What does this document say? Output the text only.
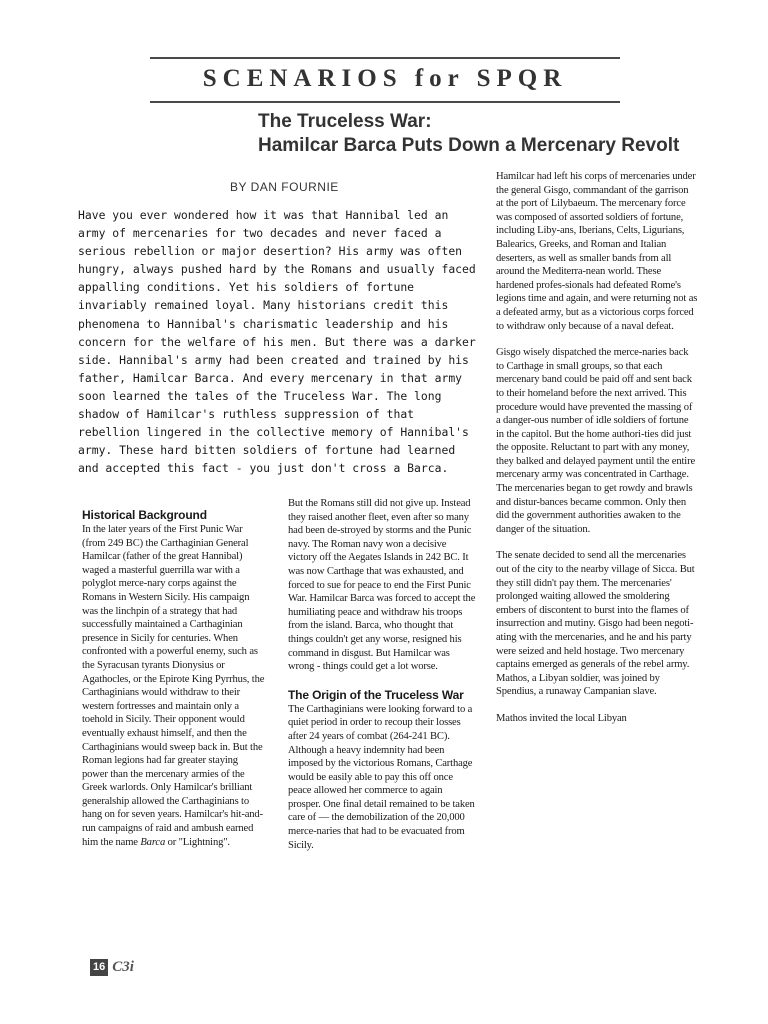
SCENARIOS for SPQR
The Truceless War:
Hamilcar Barca Puts Down a Mercenary Revolt
BY DAN FOURNIE

Have you ever wondered how it was that Hannibal led an army of mercenaries for two decades and never faced a serious rebellion or major desertion? His army was often hungry, always pushed hard by the Romans and usually faced appalling conditions. Yet his soldiers of fortune invariably remained loyal. Many historians credit this phenomena to Hannibal's charismatic leadership and his concern for the welfare of his men. But there was a darker side. Hannibal's army had been created and trained by his father, Hamilcar Barca. And every mercenary in that army soon learned the tales of the Truceless War. The long shadow of Hamilcar's ruthless suppression of that rebellion lingered in the collective memory of Hannibal's army. These hard bitten soldiers of fortune had learned and accepted this fact - you just don't cross a Barca.

Historical Background

In the later years of the First Punic War (from 249 BC) the Carthaginian General Hamilcar (father of the great Hannibal) waged a masterful guerrilla war with a polyglot merce-nary corps against the Romans in Western Sicily. His campaign was the linchpin of a strategy that had successfully maintained a Carthaginian presence in Sicily for centuries. When confronted with a powerful enemy, such as the Syracusan tyrants Dionysius or Agathocles, or the Epirote King Pyrrhus, the Carthaginians would withdraw to their western fortresses and maintain only a toehold in Sicily. Their opponent would eventually exhaust himself, and then the Carthaginians would sweep back in. But the Roman legions had far greater staying power than the mercenary armies of the Greek warlords. Only Hamilcar's brilliant generalship allowed the Carthaginians to hang on for seven years. Hamilcar's hit-and-run campaigns of raid and ambush earned him the name Barca or "Lightning".

But the Romans still did not give up. Instead they raised another fleet, even after so many had been de-stroyed by storms and the Punic navy. The Roman navy won a decisive victory off the Aegates Islands in 242 BC. It was now Carthage that was exhausted, and forced to sue for peace to end the First Punic War. Hamilcar Barca was forced to accept the humiliating peace and withdraw his troops from the island. Barca, who thought that things couldn't get any worse, resigned his command in disgust. But Hamilcar was wrong - things could get a lot worse.

The Origin of the Truceless War

The Carthaginians were looking forward to a quiet period in order to recoup their losses after 24 years of combat (264-241 BC). Although a heavy indemnity had been imposed by the victorious Romans, Carthage would be easily able to pay this off once peace allowed her commerce to again prosper. One final detail remained to be taken care of — the demobilization of the 20,000 merce-naries that had to be evacuated from Sicily.

Hamilcar had left his corps of mercenaries under the general Gisgo, commandant of the garrison at the port of Lilybaeum. The mercenary force was composed of assorted soldiers of fortune, including Liby-ans, Iberians, Celts, Ligurians, Balearics, Greeks, and Roman and Italian deserters, as well as smaller bands from all around the Mediterra-nean world. These hardened profes-sionals had defeated Rome's legions time and again, and were returning not as a defeated army, but as a victorious corps forced to withdraw only because of a naval defeat.

Gisgo wisely dispatched the merce-naries back to Carthage in small groups, so that each mercenary band could be paid off and sent back to their homeland before the next arrived. This procedure would have prevented the massing of a danger-ous number of idle soldiers of fortune in the capitol. But the home authori-ties did just the opposite. Reluctant to part with any money, they balked and delayed payment until the entire mercenary army was concentrated in Carthage. The mercenaries began to get rowdy and brawls and distur-bances became common. Only then did the government authorities awaken to the danger of the situation.

The senate decided to send all the mercenaries out of the city to the nearby village of Sicca. But they still didn't pay them. The mercenaries' prolonged waiting allowed the smoldering embers of discontent to burst into the flames of insurrection and mutiny. Gisgo had been negoti-ating with the mercenaries, and he and his party were seized and held hostage. Two mercenary captains emerged as generals of the rebel army. Mathos, a Libyan soldier, was joined by Spendius, a runaway Campanian slave.

Mathos invited the local Libyan

16 C3i
